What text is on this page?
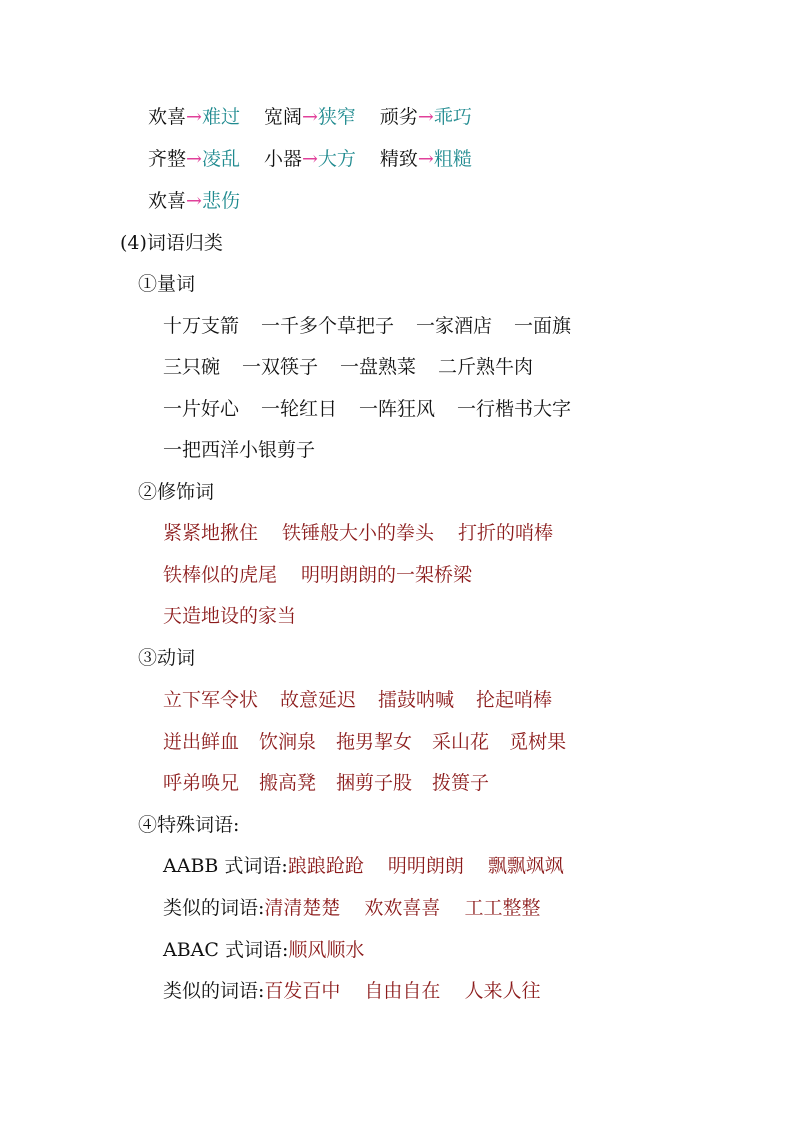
欢喜→难过 宽阔→狭窄 顽劣→乖巧
齐整→凌乱 小器→大方 精致→粗糙
欢喜→悲伤
(4)词语归类
①量词
十万支箭 一千多个草把子 一家酒店 一面旗
三只碗 一双筷子 一盘熟菜 二斤熟牛肉
一片好心 一轮红日 一阵狂风 一行楷书大字
一把西洋小银剪子
②修饰词
紧紧地揪住 铁锤般大小的拳头 打折的哨棒
铁棒似的虎尾 明明朗朗的一架桥梁
天造地设的家当
③动词
立下军令状 故意延迟 擂鼓呐喊 抡起哨棒
迸出鲜血 饮涧泉 拖男挈女 采山花 觅树果
呼弟唤兄 搬高凳 捆剪子股 拨篑子
④特殊词语:
AABB 式词语:踉踉跄跄 明明朗朗 飘飘飒飒
类似的词语:清清楚楚 欢欢喜喜 工工整整
ABAC 式词语:顺风顺水
类似的词语:百发百中 自由自在 人来人往
